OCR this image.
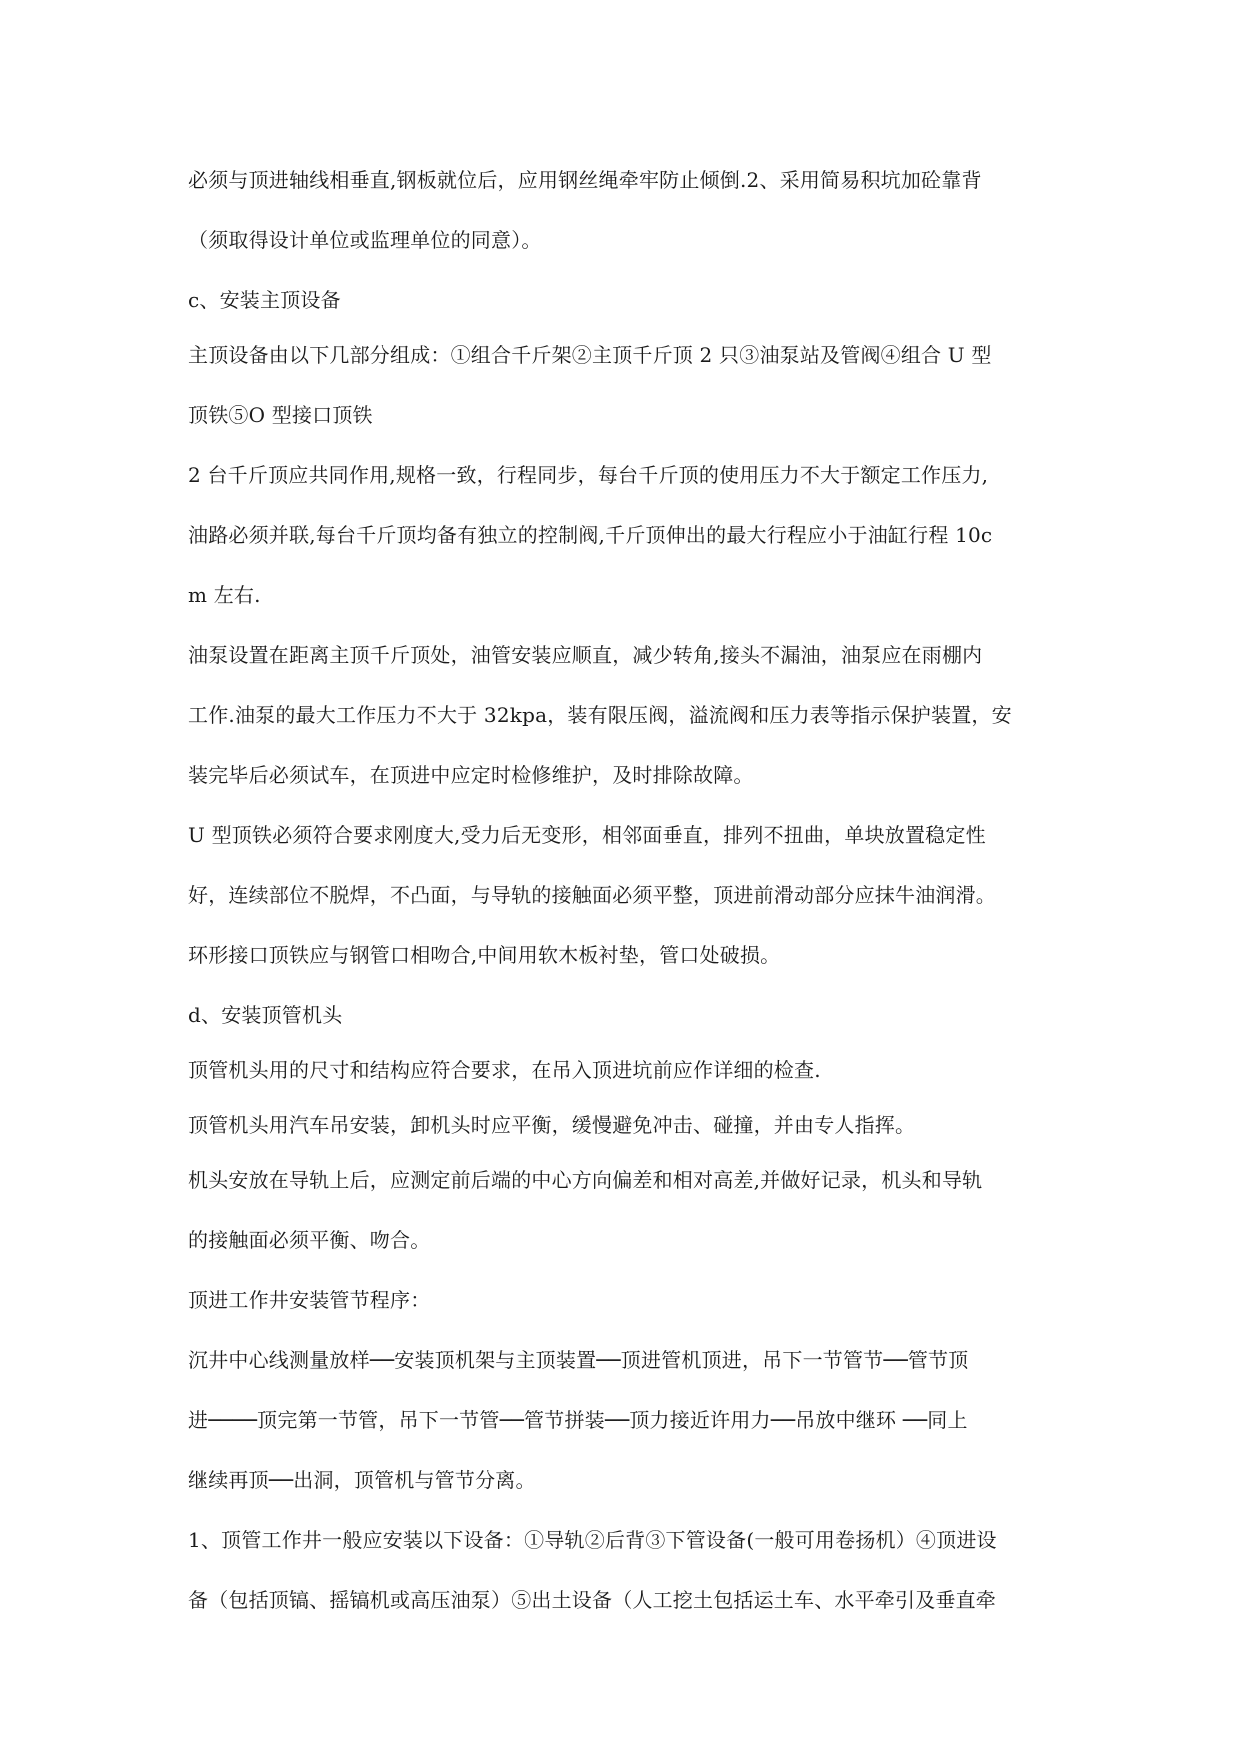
必须与顶进轴线相垂直,钢板就位后，应用钢丝绳牵牢防止倾倒.2、采用简易积坑加砼靠背
（须取得设计单位或监理单位的同意）。
c、安装主顶设备
主顶设备由以下几部分组成：①组合千斤架②主顶千斤顶 2 只③油泵站及管阀④组合 U 型
顶铁⑤O 型接口顶铁
2 台千斤顶应共同作用,规格一致，行程同步，每台千斤顶的使用压力不大于额定工作压力,
油路必须并联,每台千斤顶均备有独立的控制阀,千斤顶伸出的最大行程应小于油缸行程 10c
m 左右.
油泵设置在距离主顶千斤顶处，油管安装应顺直，减少转角,接头不漏油，油泵应在雨棚内
工作.油泵的最大工作压力不大于 32kpa，装有限压阀，溢流阀和压力表等指示保护装置，安
装完毕后必须试车，在顶进中应定时检修维护，及时排除故障。
U 型顶铁必须符合要求刚度大,受力后无变形，相邻面垂直，排列不扭曲，单块放置稳定性
好，连续部位不脱焊，不凸面，与导轨的接触面必须平整，顶进前滑动部分应抹牛油润滑。
环形接口顶铁应与钢管口相吻合,中间用软木板衬垫，管口处破损。
d、安装顶管机头
顶管机头用的尺寸和结构应符合要求，在吊入顶进坑前应作详细的检查.
顶管机头用汽车吊安装，卸机头时应平衡，缓慢避免冲击、碰撞，并由专人指挥。
机头安放在导轨上后，应测定前后端的中心方向偏差和相对高差,并做好记录，机头和导轨
的接触面必须平衡、吻合。
顶进工作井安装管节程序：
沉井中心线测量放样──安装顶机架与主顶装置──顶进管机顶进，吊下一节管节──管节顶
进────顶完第一节管，吊下一节管──管节拼装──顶力接近许用力──吊放中继环 ──同上
继续再顶──出洞，顶管机与管节分离。
1、顶管工作井一般应安装以下设备：①导轨②后背③下管设备(一般可用卷扬机）④顶进设
备（包括顶镐、摇镐机或高压油泵）⑤出土设备（人工挖土包括运土车、水平牵引及垂直牵
